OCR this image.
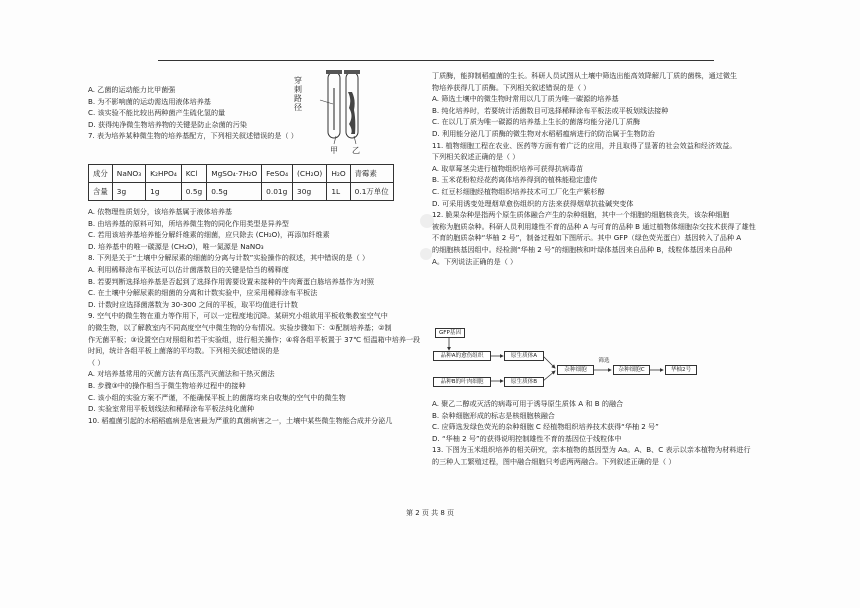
A. 乙菌的运动能力比甲菌强
B. 为不影响菌的运动需选用液体培养基
C. 该实验不能比较出两种菌产生硫化氢的量
D. 获得纯净微生物培养物的关键是防止杂菌的污染
7. 表为培养某种微生物的培养基配方，下列相关叙述错误的是（ ）
穿刺路径
甲 乙
成分	NaNO₃	K₂HPO₄	KCl	MgSO₄·7H₂O	FeSO₄	(CH₂O)	H₂O	青霉素
含量	3g	1g	0.5g	0.5g	0.01g	30g	1L	0.1万单位
A. 依物理性质划分，该培养基属于液体培养基
B. 由培养基的原料可知，所培养微生物的同化作用类型是异养型
C. 若用该培养基培养能分解纤维素的细菌，应只除去 (CH₂O)，再添加纤维素
D. 培养基中的唯一碳源是 (CH₂O)，唯一氮源是 NaNO₃
8. 下列是关于“土壤中分解尿素的细菌的分离与计数”实验操作的叙述，其中错误的是（ ）
A. 利用稀释涂布平板法可以估计菌落数目的关键是恰当的稀释度
B. 若要判断选择培养基是否起到了选择作用需要设置未接种的牛肉膏蛋白胨培养基作为对照
C. 在土壤中分解尿素的细菌的分离和计数实验中，应采用稀释涂布平板法
D. 计数时应选择菌落数为 30-300 之间的平板，取平均值进行计数
9. 空气中的微生物在重力等作用下，可以一定程度地沉降。某研究小组欲用平板收集教室空气中
的微生物，以了解教室内不同高度空气中微生物的分布情况。实验步骤如下：①配制培养基；②制
作无菌平板；③设置空白对照组和若干实验组，进行相关操作；④将各组平板置于 37℃ 恒温箱中培养一段时间，统计各组平板上菌落的平均数。下列相关叙述错误的是
（ ）
A. 对培养基常用的灭菌方法有高压蒸汽灭菌法和干热灭菌法
B. 步骤③中的操作相当于微生物培养过程中的接种
C. 该小组的实验方案不严谨，不能确保平板上的菌落均来自收集的空气中的微生物
D. 实验室常用平板划线法和稀释涂布平板法纯化菌种
10. 稻瘟菌引起的水稻稻瘟病是危害最为严重的真菌病害之一，土壤中某些微生物能合成并分泌几
丁质酶，能抑制稻瘟菌的生长。科研人员试图从土壤中筛选出能高效降解几丁质的菌株，通过微生
物培养获得几丁质酶。下列相关叙述错误的是（ ）
A. 筛选土壤中的微生物时常用以几丁质为唯一碳源的培养基
B. 纯化培养时，若要统计活菌数目可选择稀释涂布平板法或平板划线法接种
C. 在以几丁质为唯一碳源的培养基上生长的菌落均能分泌几丁质酶
D. 利用能分泌几丁质酶的微生物对水稻稻瘟病进行的防治属于生物防治
11. 植物细胞工程在农业、医药等方面有着广泛的应用，并且取得了显著的社会效益和经济效益。
下列相关叙述正确的是（ ）
A. 取草莓茎尖进行植物组织培养可获得抗病毒苗
B. 玉米花粉粒经花药离体培养得到的植株能稳定遗传
C. 红豆杉细胞经植物组织培养技术可工厂化生产紫杉醇
D. 可采用诱变处理烟草愈伤组织的方法来获得烟草抗盐碱突变体
12. 脆果杂种是指两个原生质体融合产生的杂种细胞，其中一个细胞的细胞核丧失，该杂种细胞
被称为胞质杂种。科研人员利用雄性不育的品种 A 与可育的品种 B 通过植物体细胞杂交技术获得了雄性
不育的胞质杂种“华柚 2 号”，制备过程如下图所示。其中 GFP（绿色荧光蛋白）基因转入了品种 A
的细胞核基因组中。经检测“华柚 2 号”的细胞核和叶绿体基因来自品种 B，线粒体基因来自品种
A。下列说法正确的是（ ）
GFP基因
品种A的愈伤组织	原生质体A
品种B的叶肉细胞	原生质体B
杂种细胞
筛选
杂种细胞C	华柚2号
A. 聚乙二醇或灭活的病毒可用于诱导原生质体 A 和 B 的融合
B. 杂种细胞形成的标志是核细胞核融合
C. 应筛选发绿色荧光的杂种细胞 C 经植物组织培养技术获得“华柚 2 号”
D. “华柚 2 号”的获得说明控制雄性不育的基因位于线粒体中
13. 下图为玉米组织培养的相关研究，亲本植物的基因型为 Aa。A、B、C 表示以亲本植物为材料进行
的三种人工繁殖过程，图中融合细胞只考虑两两融合。下列叙述正确的是（ ）
第 2 页 共 8 页
